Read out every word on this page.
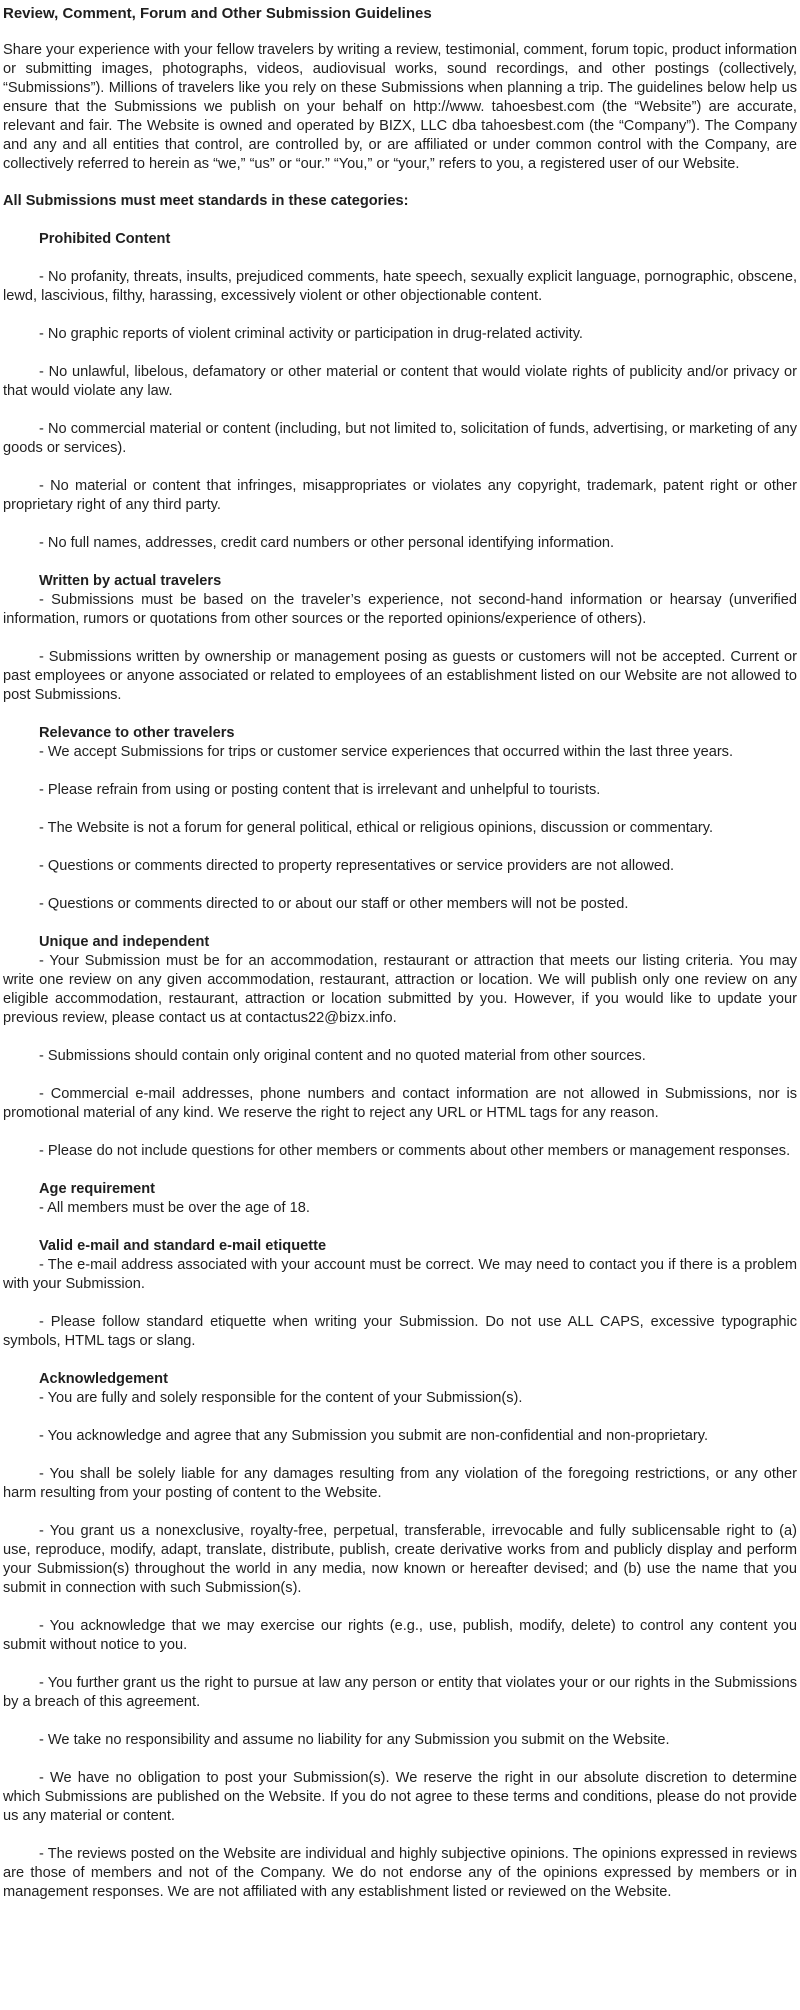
Review, Comment, Forum and Other Submission Guidelines

Share your experience with your fellow travelers by writing a review, testimonial, comment, forum topic, product information or submitting images, photographs, videos, audiovisual works, sound recordings, and other postings (collectively, “Submissions”). Millions of travelers like you rely on these Submissions when planning a trip. The guidelines below help us ensure that the Submissions we publish on your behalf on http://www. tahoesbest.com (the “Website”) are accurate, relevant and fair. The Website is owned and operated by BIZX, LLC dba tahoesbest.com (the “Company”). The Company and any and all entities that control, are controlled by, or are affiliated or under common control with the Company, are collectively referred to herein as “we,” “us” or “our.” “You,” or “your,” refers to you, a registered user of our Website.

All Submissions must meet standards in these categories:
Prohibited Content

- No profanity, threats, insults, prejudiced comments, hate speech, sexually explicit language, pornographic, obscene, lewd, lascivious, filthy, harassing, excessively violent or other objectionable content.

- No graphic reports of violent criminal activity or participation in drug-related activity.

- No unlawful, libelous, defamatory or other material or content that would violate rights of publicity and/or privacy or that would violate any law.

- No commercial material or content (including, but not limited to, solicitation of funds, advertising, or marketing of any goods or services).

- No material or content that infringes, misappropriates or violates any copyright, trademark, patent right or other proprietary right of any third party.

- No full names, addresses, credit card numbers or other personal identifying information.

Written by actual travelers

- Submissions must be based on the traveler’s experience, not second-hand information or hearsay (unverified information, rumors or quotations from other sources or the reported opinions/experience of others).

- Submissions written by ownership or management posing as guests or customers will not be accepted. Current or past employees or anyone associated or related to employees of an establishment listed on our Website are not allowed to post Submissions.

Relevance to other travelers

- We accept Submissions for trips or customer service experiences that occurred within the last three years.

- Please refrain from using or posting content that is irrelevant and unhelpful to tourists.

- The Website is not a forum for general political, ethical or religious opinions, discussion or commentary.

- Questions or comments directed to property representatives or service providers are not allowed.

- Questions or comments directed to or about our staff or other members will not be posted.

Unique and independent

- Your Submission must be for an accommodation, restaurant or attraction that meets our listing criteria. You may write one review on any given accommodation, restaurant, attraction or location. We will publish only one review on any eligible accommodation, restaurant, attraction or location submitted by you. However, if you would like to update your previous review, please contact us at contactus22@bizx.info.

- Submissions should contain only original content and no quoted material from other sources.

- Commercial e-mail addresses, phone numbers and contact information are not allowed in Submissions, nor is promotional material of any kind. We reserve the right to reject any URL or HTML tags for any reason.

- Please do not include questions for other members or comments about other members or management responses.

Age requirement

- All members must be over the age of 18.

Valid e-mail and standard e-mail etiquette

- The e-mail address associated with your account must be correct. We may need to contact you if there is a problem with your Submission.

- Please follow standard etiquette when writing your Submission. Do not use ALL CAPS, excessive typographic symbols, HTML tags or slang.

Acknowledgement

- You are fully and solely responsible for the content of your Submission(s).

- You acknowledge and agree that any Submission you submit are non-confidential and non-proprietary.

- You shall be solely liable for any damages resulting from any violation of the foregoing restrictions, or any other harm resulting from your posting of content to the Website.

- You grant us a nonexclusive, royalty-free, perpetual, transferable, irrevocable and fully sublicensable right to (a) use, reproduce, modify, adapt, translate, distribute, publish, create derivative works from and publicly display and perform your Submission(s) throughout the world in any media, now known or hereafter devised; and (b) use the name that you submit in connection with such Submission(s).

- You acknowledge that we may exercise our rights (e.g., use, publish, modify, delete) to control any content you submit without notice to you.

- You further grant us the right to pursue at law any person or entity that violates your or our rights in the Submissions by a breach of this agreement.

- We take no responsibility and assume no liability for any Submission you submit on the Website.

- We have no obligation to post your Submission(s). We reserve the right in our absolute discretion to determine which Submissions are published on the Website. If you do not agree to these terms and conditions, please do not provide us any material or content.

- The reviews posted on the Website are individual and highly subjective opinions. The opinions expressed in reviews are those of members and not of the Company. We do not endorse any of the opinions expressed by members or in management responses. We are not affiliated with any establishment listed or reviewed on the Website.
